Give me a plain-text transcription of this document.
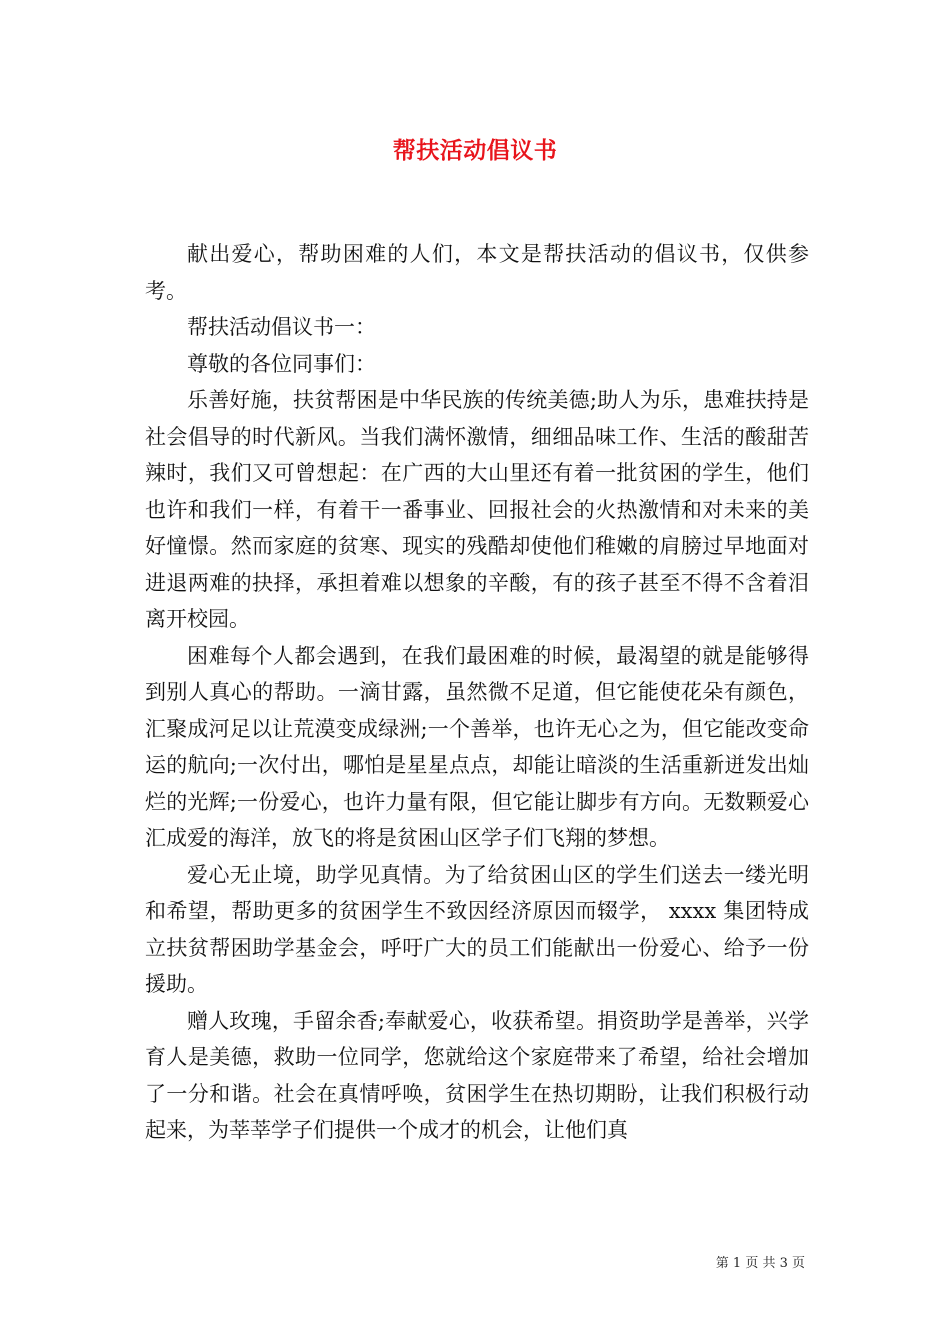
帮扶活动倡议书

献出爱心，帮助困难的人们，本文是帮扶活动的倡议书，仅供参考。

帮扶活动倡议书一：

尊敬的各位同事们：

乐善好施，扶贫帮困是中华民族的传统美德;助人为乐，患难扶持是社会倡导的时代新风。当我们满怀激情，细细品味工作、生活的酸甜苦辣时，我们又可曾想起：在广西的大山里还有着一批贫困的学生，他们也许和我们一样，有着干一番事业、回报社会的火热激情和对未来的美好憧憬。然而家庭的贫寒、现实的残酷却使他们稚嫩的肩膀过早地面对进退两难的抉择，承担着难以想象的辛酸，有的孩子甚至不得不含着泪离开校园。

困难每个人都会遇到，在我们最困难的时候，最渴望的就是能够得到别人真心的帮助。一滴甘露，虽然微不足道，但它能使花朵有颜色，汇聚成河足以让荒漠变成绿洲;一个善举，也许无心之为，但它能改变命运的航向;一次付出，哪怕是星星点点，却能让暗淡的生活重新迸发出灿烂的光辉;一份爱心，也许力量有限，但它能让脚步有方向。无数颗爱心汇成爱的海洋，放飞的将是贫困山区学子们飞翔的梦想。

爱心无止境，助学见真情。为了给贫困山区的学生们送去一缕光明和希望，帮助更多的贫困学生不致因经济原因而辍学， xxxx 集团特成立扶贫帮困助学基金会，呼吁广大的员工们能献出一份爱心、给予一份援助。

赠人玫瑰，手留余香;奉献爱心，收获希望。捐资助学是善举，兴学育人是美德，救助一位同学，您就给这个家庭带来了希望，给社会增加了一分和谐。社会在真情呼唤，贫困学生在热切期盼，让我们积极行动起来，为莘莘学子们提供一个成才的机会，让他们真

第 1 页 共 3 页
